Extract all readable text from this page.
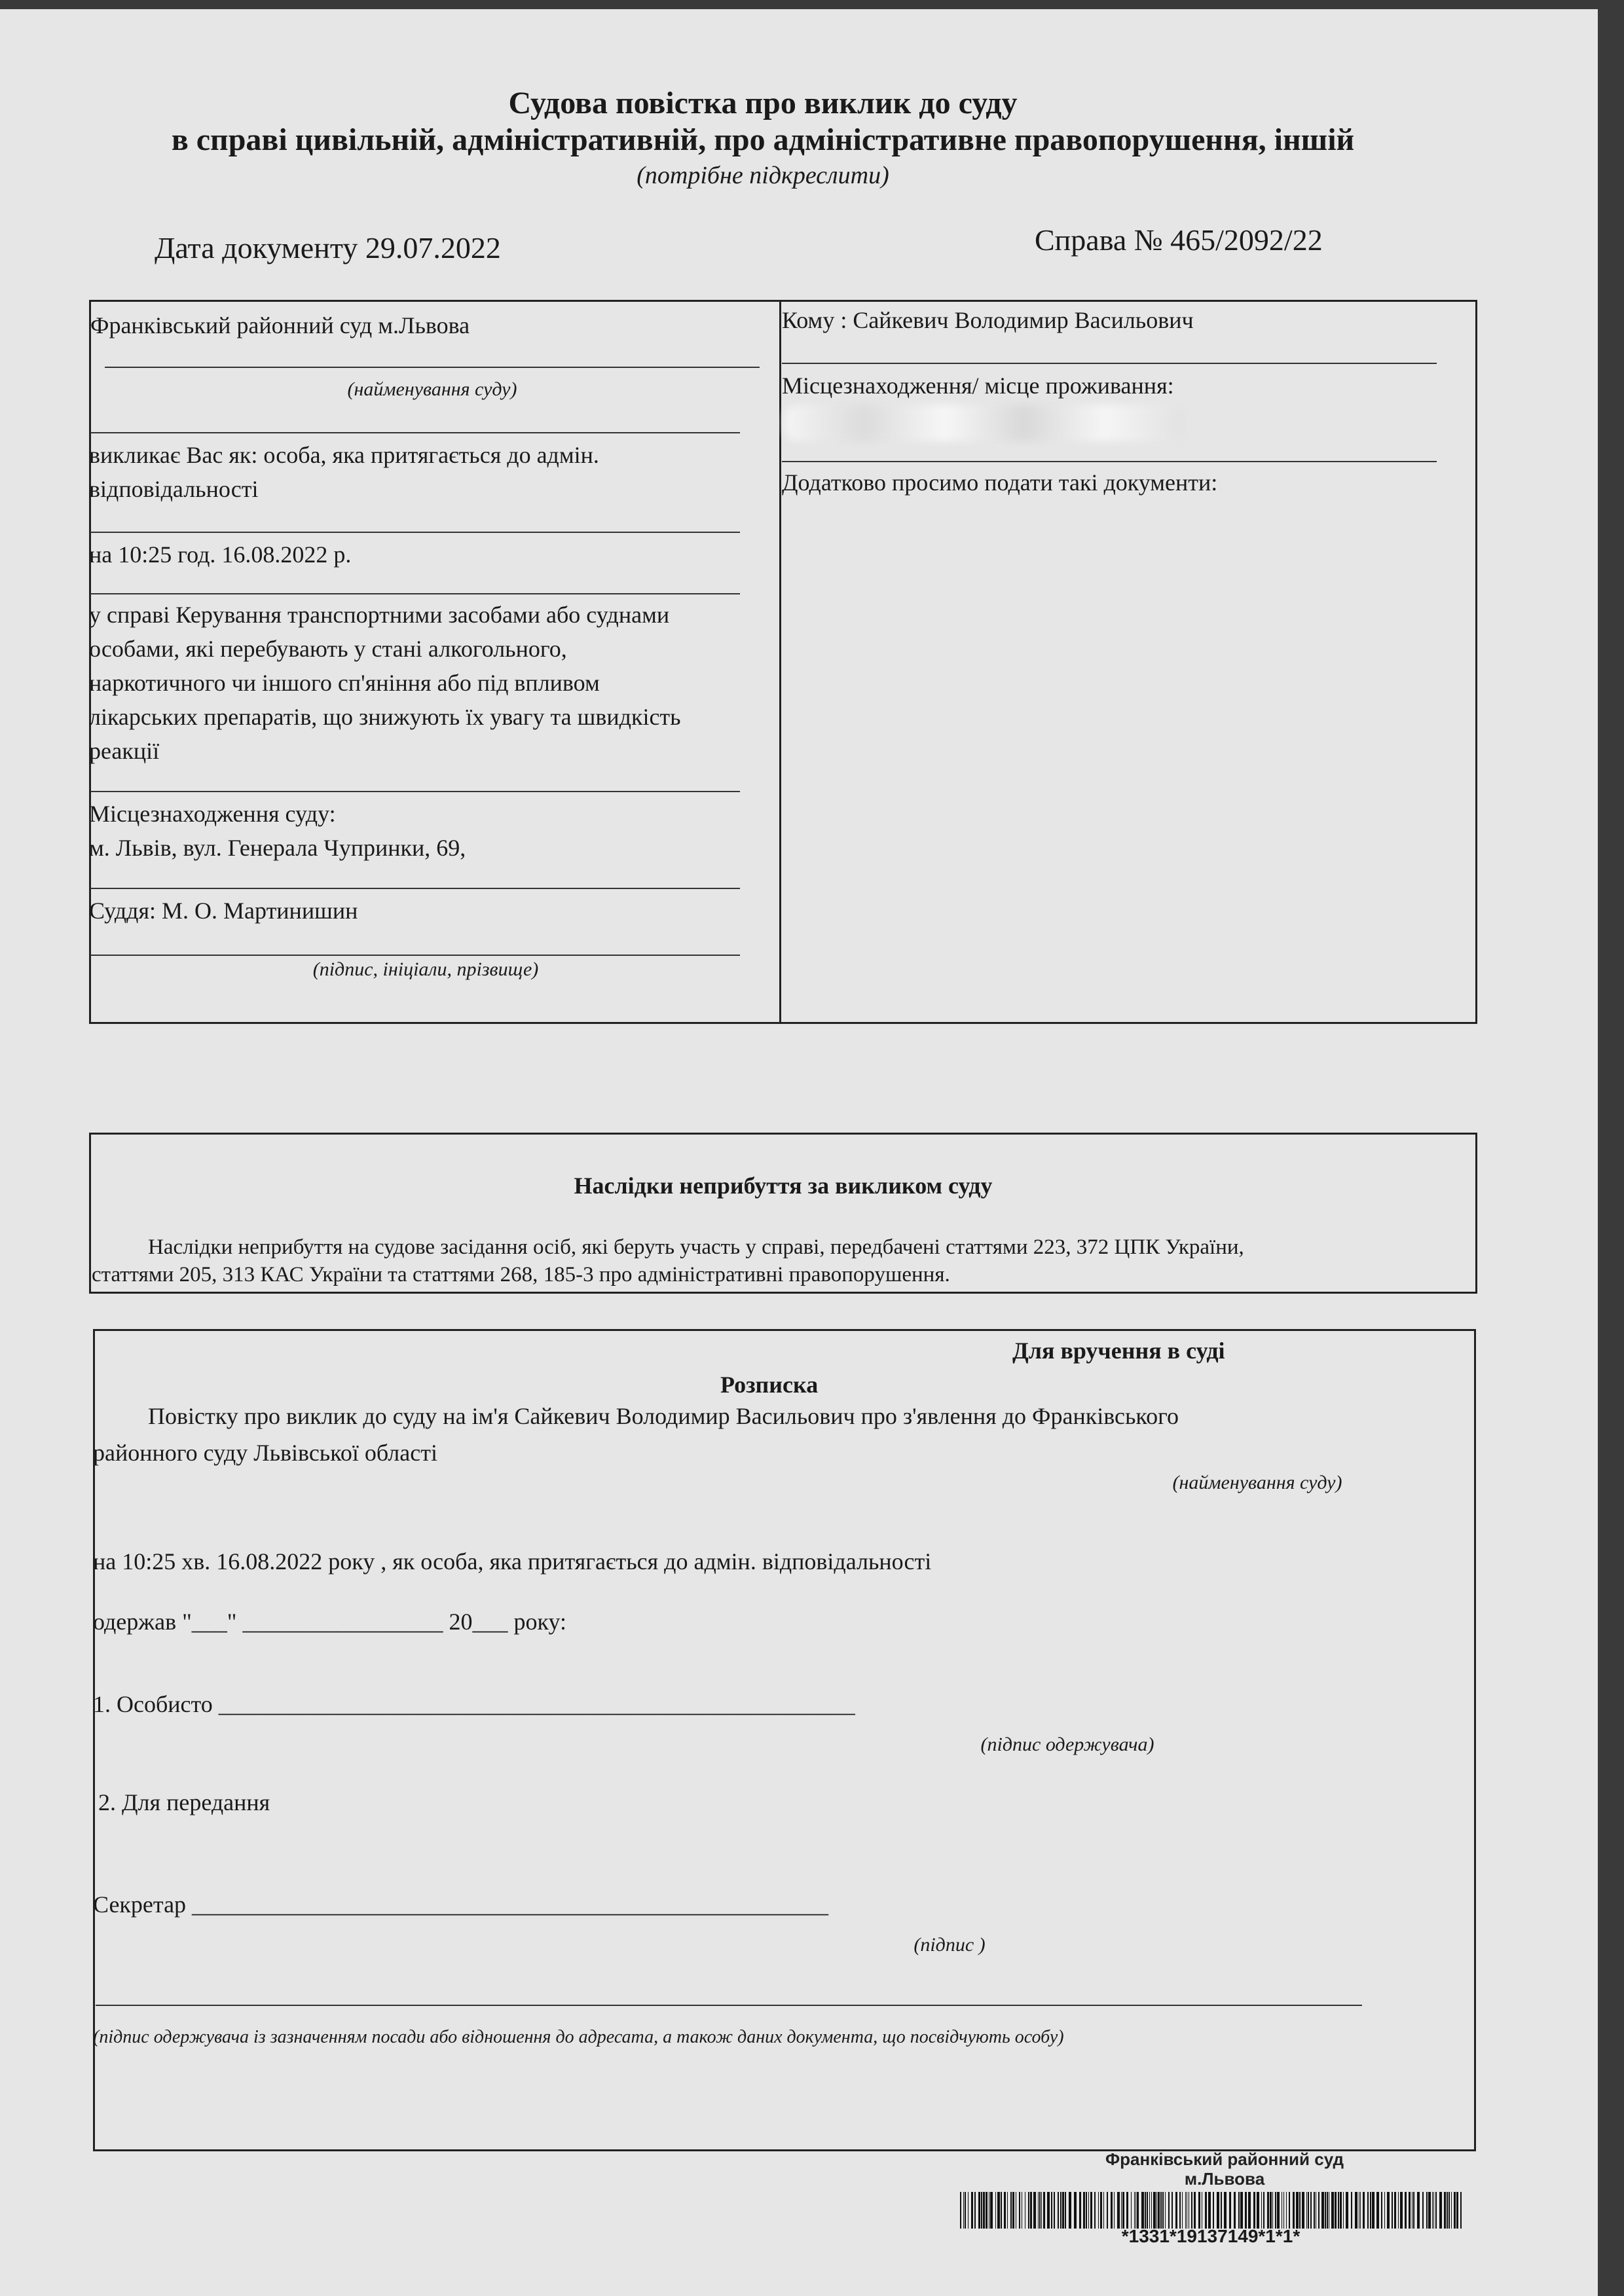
Судова повістка про виклик до суду
в справі цивільній, адміністративній, про адміністративне правопорушення, іншій
(потрібне підкреслити)
Дата документу 29.07.2022	Справа № 465/2092/22
Франківський районний суд м.Львова
(найменування суду)
викликає Вас як: особа, яка притягається до адмін.
відповідальності
на 10:25 год. 16.08.2022 р.
у справі Керування транспортними засобами або суднами
особами, які перебувають у стані алкогольного,
наркотичного чи іншого сп'яніння або під впливом
лікарських препаратів, що знижують їх увагу та швидкість
реакції
Місцезнаходження суду:
м. Львів, вул. Генерала Чупринки, 69,
Суддя: М. О. Мартинишин
(підпис, ініціали, прізвище)
Кому : Сайкевич Володимир Васильович
Місцезнаходження/ місце проживання:
Додатково просимо подати такі документи:
Наслідки неприбуття за викликом суду
Наслідки неприбуття на судове засідання осіб, які беруть участь у справі, передбачені статтями 223, 372 ЦПК України,
статтями 205, 313 КАС України та статтями 268, 185-3 про адміністративні правопорушення.
Для вручення в суді
Розписка
Повістку про виклик до суду на ім'я Сайкевич Володимир Васильович про з'явлення до Франківського
районного суду Львівської області
(найменування суду)
на 10:25 хв. 16.08.2022 року , як особа, яка притягається до адмін. відповідальності
одержав "___" _________________ 20___ року:
1. Особисто ______________________________________________________
(підпис одержувача)
2. Для передання
Секретар ______________________________________________________
(підпис )
(підпис одержувача із зазначенням посади або відношення до адресата, а також даних документа, що посвідчують особу)
Франківський районний суд
м.Львова
*1331*19137149*1*1*
